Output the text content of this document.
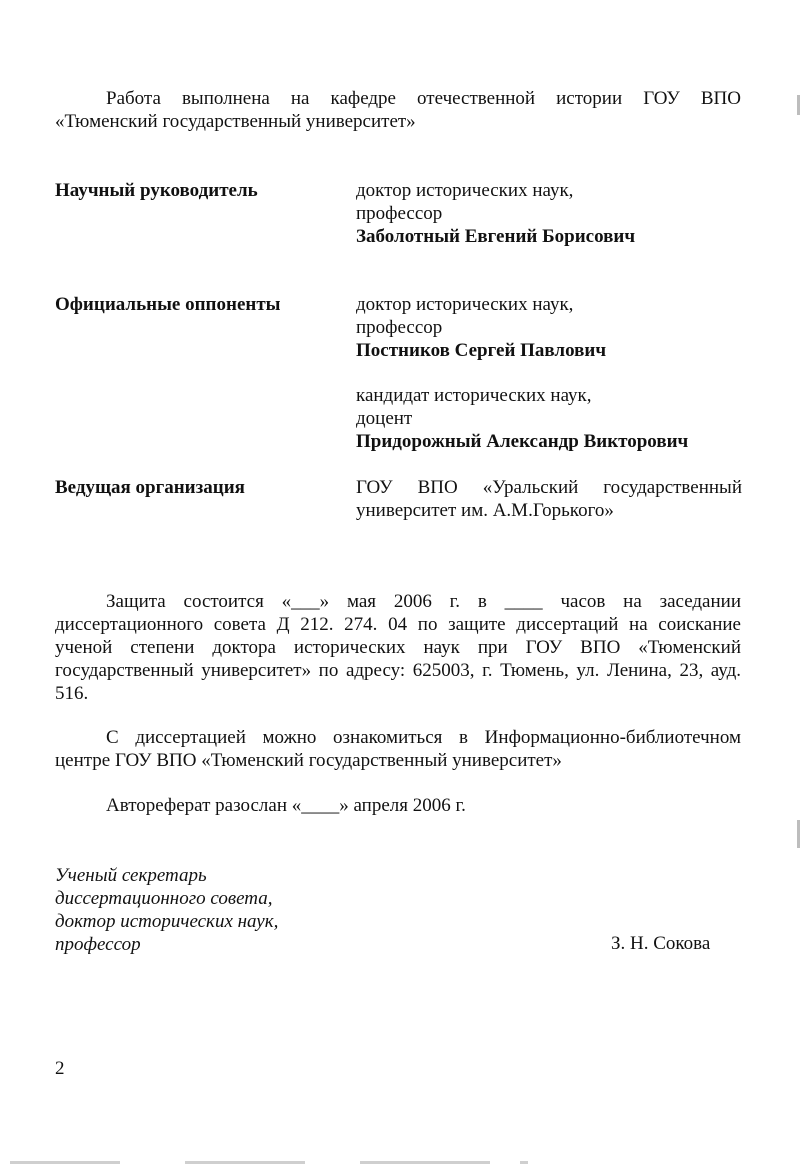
Работа выполнена на кафедре отечественной истории ГОУ ВПО
«Тюменский государственный университет»
Научный руководитель	доктор исторических наук,
профессор
Заболотный Евгений Борисович
Официальные оппоненты	доктор исторических наук,
профессор
Постников Сергей Павлович
кандидат исторических наук,
доцент
Придорожный Александр Викторович
Ведущая организация	ГОУ ВПО «Уральский государственный
университет им. А.М.Горького»
Защита состоится «___» мая 2006 г. в ____ часов на заседании диссертационного совета Д 212. 274. 04 по защите диссертаций на соискание ученой степени доктора исторических наук при ГОУ ВПО «Тюменский государственный университет» по адресу: 625003, г. Тюмень, ул. Ленина, 23, ауд. 516.
С диссертацией можно ознакомиться в Информационно-библиотечном центре ГОУ ВПО «Тюменский государственный университет»
Автореферат разослан «____» апреля 2006 г.
Ученый секретарь
диссертационного совета,
доктор исторических наук,
профессор	З. Н. Сокова
2
